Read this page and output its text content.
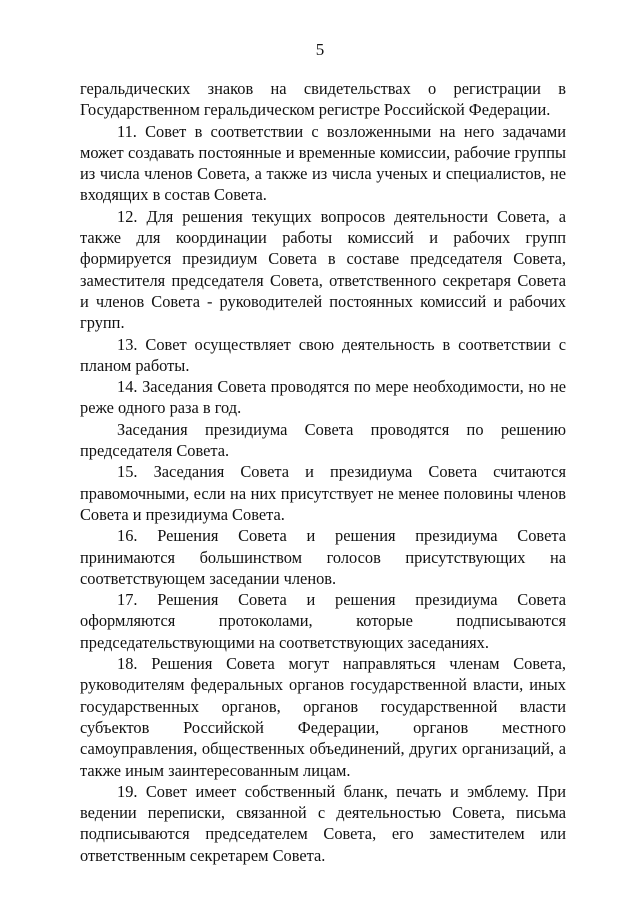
5

геральдических знаков на свидетельствах о регистрации в Государственном геральдическом регистре Российской Федерации.

11. Совет в соответствии с возложенными на него задачами может создавать постоянные и временные комиссии, рабочие группы из числа членов Совета, а также из числа ученых и специалистов, не входящих в состав Совета.

12. Для решения текущих вопросов деятельности Совета, а также для координации работы комиссий и рабочих групп формируется президиум Совета в составе председателя Совета, заместителя председателя Совета, ответственного секретаря Совета и членов Совета - руководителей постоянных комиссий и рабочих групп.

13. Совет осуществляет свою деятельность в соответствии с планом работы.

14. Заседания Совета проводятся по мере необходимости, но не реже одного раза в год.

Заседания президиума Совета проводятся по решению председателя Совета.

15. Заседания Совета и президиума Совета считаются правомочными, если на них присутствует не менее половины членов Совета и президиума Совета.

16. Решения Совета и решения президиума Совета принимаются большинством голосов присутствующих на соответствующем заседании членов.

17. Решения Совета и решения президиума Совета оформляются протоколами, которые подписываются председательствующими на соответствующих заседаниях.

18. Решения Совета могут направляться членам Совета, руководителям федеральных органов государственной власти, иных государственных органов, органов государственной власти субъектов Российской Федерации, органов местного самоуправления, общественных объединений, других организаций, а также иным заинтересованным лицам.

19. Совет имеет собственный бланк, печать и эмблему. При ведении переписки, связанной с деятельностью Совета, письма подписываются председателем Совета, его заместителем или ответственным секретарем Совета.
